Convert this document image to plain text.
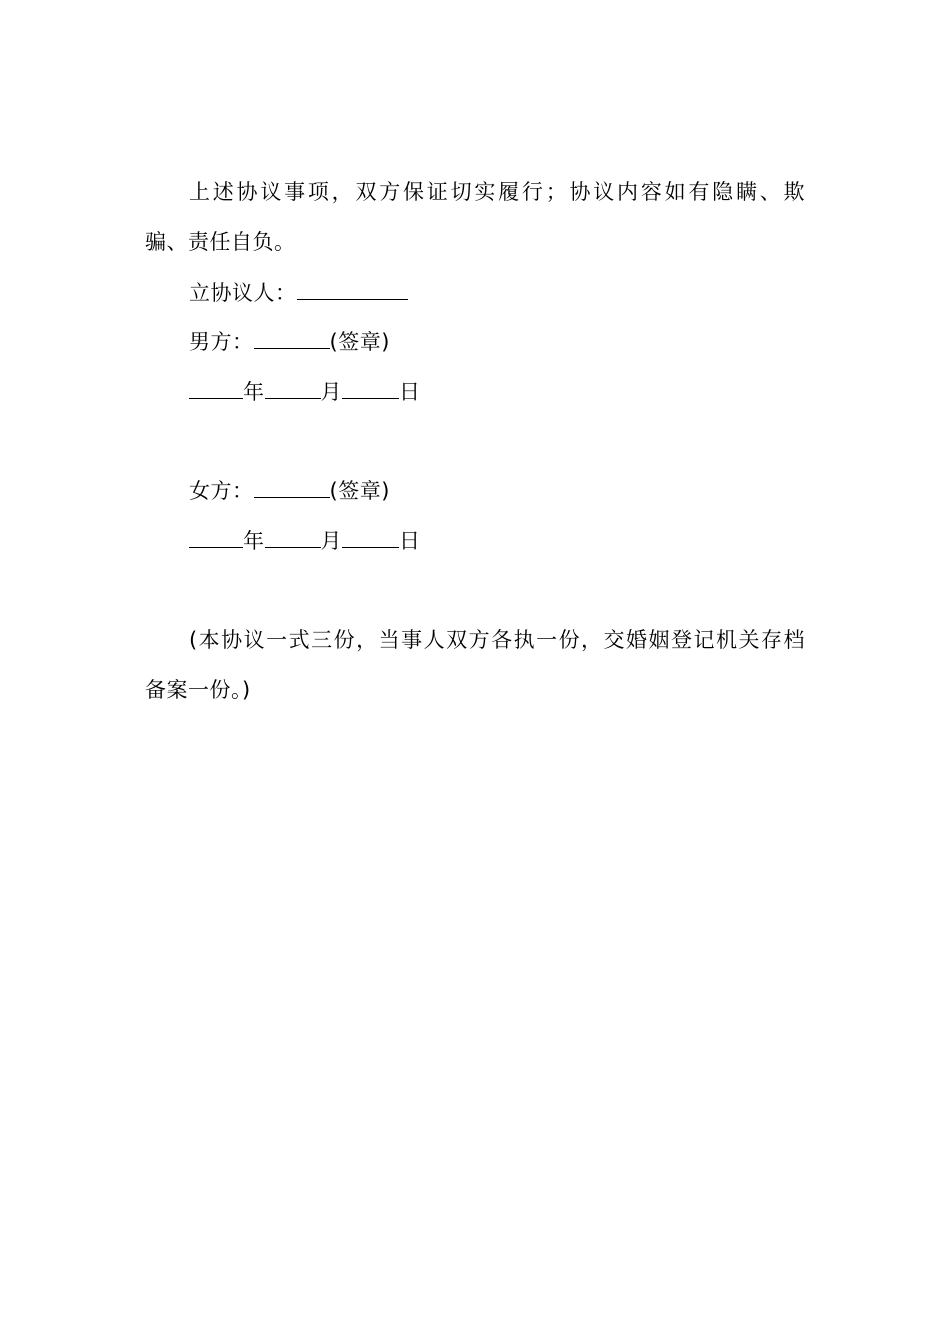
上述协议事项，双方保证切实履行；协议内容如有隐瞒、欺
骗、责任自负。
立协议人：
男方：	(签章)
年	月	日
女方：	(签章)
年	月	日
(本协议一式三份，当事人双方各执一份，交婚姻登记机关存档
备案一份。)
